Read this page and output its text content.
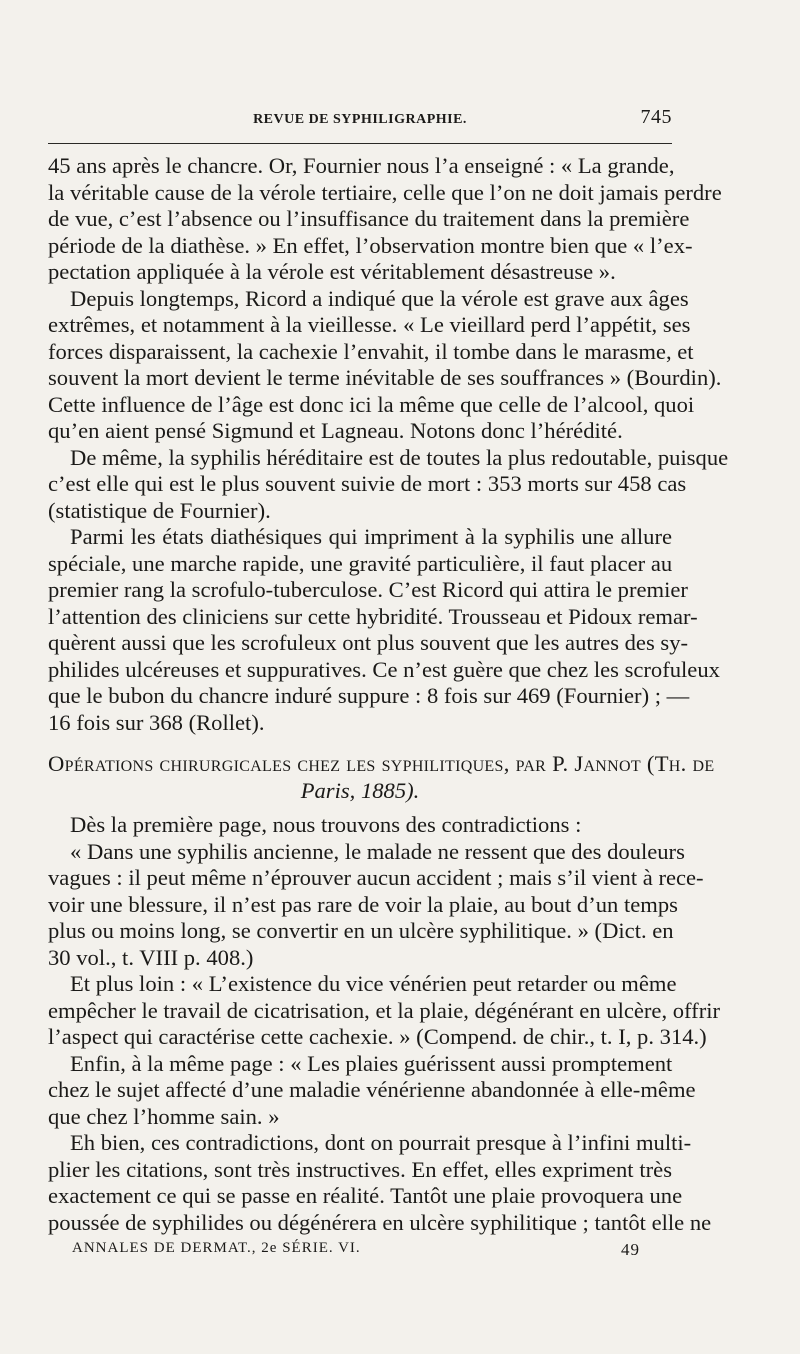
REVUE DE SYPHILIGRAPHIE.	745
45 ans après le chancre. Or, Fournier nous l’a enseigné : « La grande,
la véritable cause de la vérole tertiaire, celle que l’on ne doit jamais perdre
de vue, c’est l’absence ou l’insuffisance du traitement dans la première
période de la diathèse. » En effet, l’observation montre bien que « l’ex-
pectation appliquée à la vérole est véritablement désastreuse ».
Depuis longtemps, Ricord a indiqué que la vérole est grave aux âges
extrêmes, et notamment à la vieillesse. « Le vieillard perd l’appétit, ses
forces disparaissent, la cachexie l’envahit, il tombe dans le marasme, et
souvent la mort devient le terme inévitable de ses souffrances » (Bourdin).
Cette influence de l’âge est donc ici la même que celle de l’alcool, quoi
qu’en aient pensé Sigmund et Lagneau. Notons donc l’hérédité.
De même, la syphilis héréditaire est de toutes la plus redoutable, puisque
c’est elle qui est le plus souvent suivie de mort : 353 morts sur 458 cas
(statistique de Fournier).
Parmi les états diathésiques qui impriment à la syphilis une allure
spéciale, une marche rapide, une gravité particulière, il faut placer au
premier rang la scrofulo-tuberculose. C’est Ricord qui attira le premier
l’attention des cliniciens sur cette hybridité. Trousseau et Pidoux remar-
quèrent aussi que les scrofuleux ont plus souvent que les autres des sy-
philides ulcéreuses et suppuratives. Ce n’est guère que chez les scrofuleux
que le bubon du chancre induré suppure : 8 fois sur 469 (Fournier) ; —
16 fois sur 368 (Rollet).
Opérations chirurgicales chez les syphilitiques, par P. Jannot (Th. de
Paris, 1885).
Dès la première page, nous trouvons des contradictions :
« Dans une syphilis ancienne, le malade ne ressent que des douleurs
vagues : il peut même n’éprouver aucun accident ; mais s’il vient à rece-
voir une blessure, il n’est pas rare de voir la plaie, au bout d’un temps
plus ou moins long, se convertir en un ulcère syphilitique. » (Dict. en
30 vol., t. VIII p. 408.)
Et plus loin : « L’existence du vice vénérien peut retarder ou même
empêcher le travail de cicatrisation, et la plaie, dégénérant en ulcère, offrir
l’aspect qui caractérise cette cachexie. » (Compend. de chir., t. I, p. 314.)
Enfin, à la même page : « Les plaies guérissent aussi promptement
chez le sujet affecté d’une maladie vénérienne abandonnée à elle-même
que chez l’homme sain. »
Eh bien, ces contradictions, dont on pourrait presque à l’infini multi-
plier les citations, sont très instructives. En effet, elles expriment très
exactement ce qui se passe en réalité. Tantôt une plaie provoquera une
poussée de syphilides ou dégénérera en ulcère syphilitique ; tantôt elle ne
ANNALES DE DERMAT., 2e SÉRIE. VI.	49
